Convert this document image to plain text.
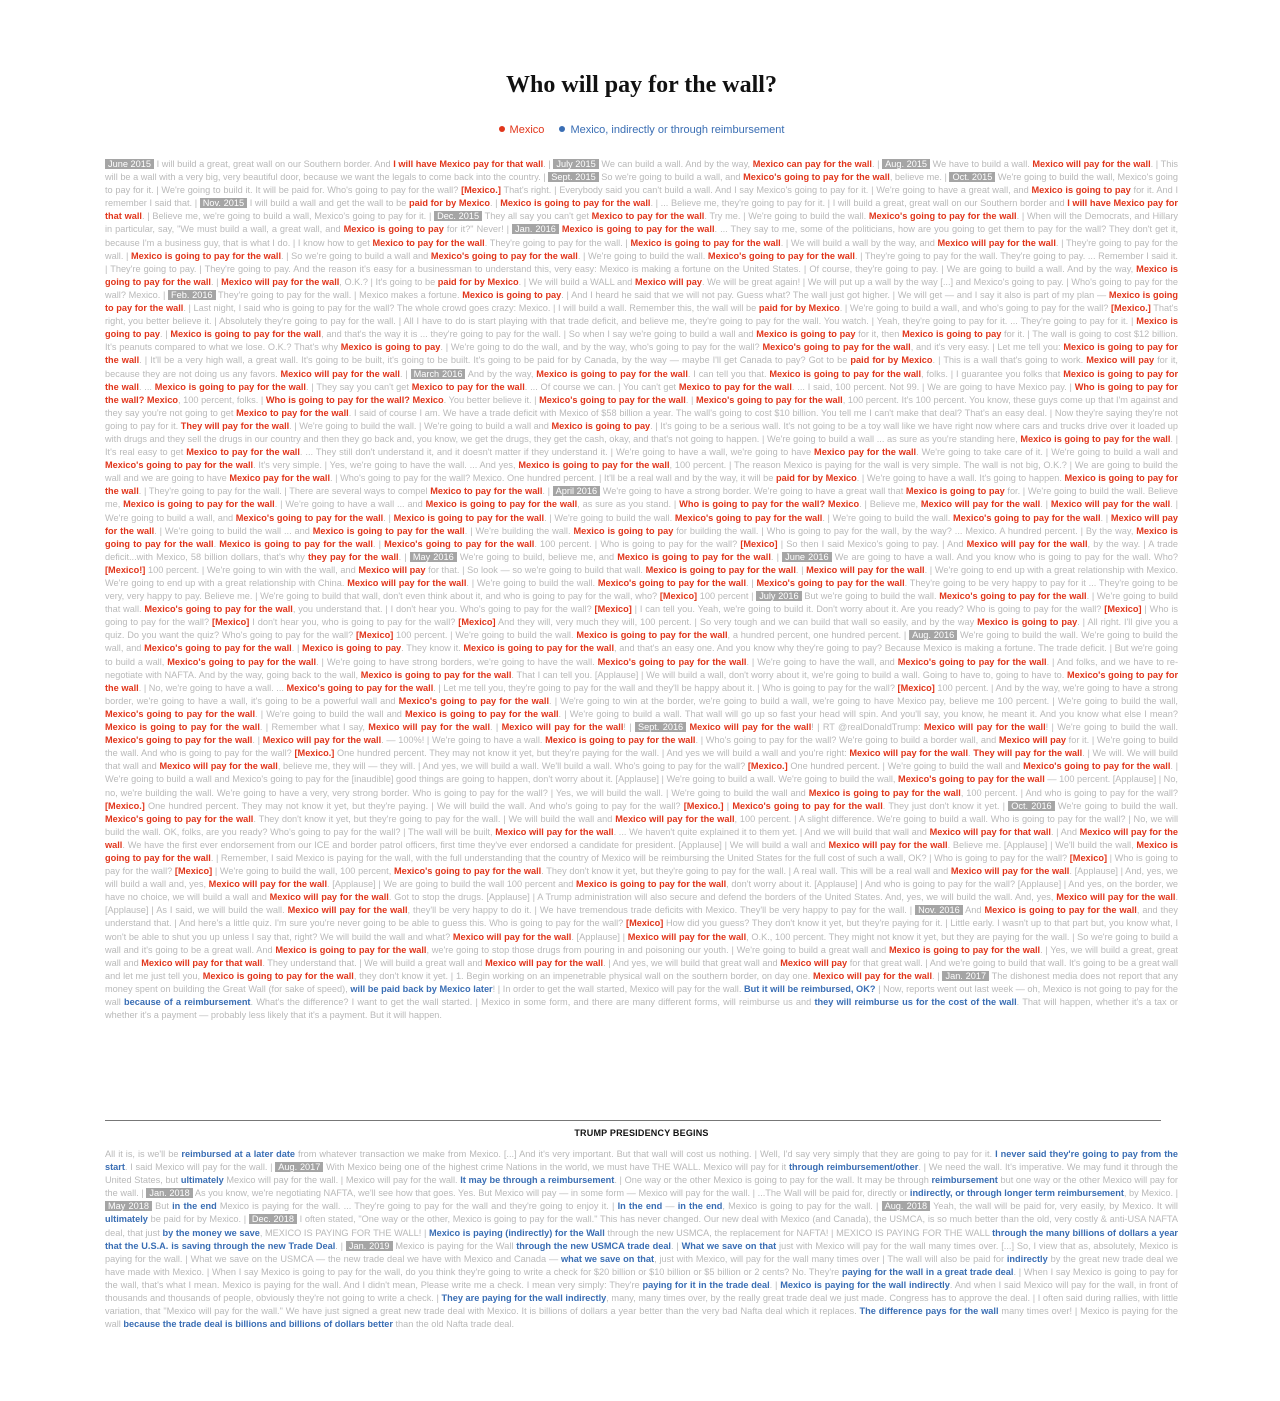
Who will pay for the wall?
Mexico Mexico, indirectly or through reimbursement
June 2015 I will build a great, great wall on our Southern border. And I will have Mexico pay for that wall. | July 2015 We can build a wall. And by the way, Mexico can pay for the wall. | Aug. 2015 We have to build a wall. Mexico will pay for the wall. | This will be a wall with a very big, very beautiful door, because we want the legals to come back into the country. | Sept. 2015 So we're going to build a wall, and Mexico's going to pay for the wall, believe me. | Oct. 2015 We're going to build the wall, Mexico's going to pay for it. | We're going to build it. It will be paid for. Who's going to pay for the wall? [Mexico.] That's right. | Everybody said you can't build a wall. And I say Mexico's going to pay for it. | We're going to have a great wall, and Mexico is going to pay for it. And I remember I said that. | Nov. 2015 I will build a wall and get the wall to be paid for by Mexico. | Mexico is going to pay for the wall. | ... Believe me, they're going to pay for it. | I will build a great, great wall on our Southern border and I will have Mexico pay for that wall. | Believe me, we're going to build a wall, Mexico's going to pay for it. | Dec. 2015 They all say you can't get Mexico to pay for the wall. Try me. | We're going to build the wall. Mexico's going to pay for the wall. | When will the Democrats, and Hillary in particular, say, "We must build a wall, a great wall, and Mexico is going to pay for it?" Never! | Jan. 2016 Mexico is going to pay for the wall. ... They say to me, some of the politicians, how are you going to get them to pay for the wall? They don't get it, because I'm a business guy, that is what I do. | I know how to get Mexico to pay for the wall. They're going to pay for the wall. | Mexico is going to pay for the wall. | We will build a wall by the way, and Mexico will pay for the wall. | They're going to pay for the wall. | Mexico is going to pay for the wall. | So we're going to build a wall and Mexico's going to pay for the wall. | We're going to build the wall. Mexico's going to pay for the wall. | They're going to pay for the wall. They're going to pay. ... Remember I said it. | They're going to pay. | They're going to pay. And the reason it's easy for a businessman to understand this, very easy: Mexico is making a fortune on the United States. | Of course, they're going to pay. | We are going to build a wall. And by the way, Mexico is going to pay for the wall. | Mexico will pay for the wall, O.K.? | It's going to be paid for by Mexico. | We will build a WALL and Mexico will pay. We will be great again! | We will put up a wall by the way [...] and Mexico's going to pay. | Who's going to pay for the wall? Mexico. | Feb. 2016 They're going to pay for the wall. | Mexico makes a fortune. Mexico is going to pay. | And I heard he said that we will not pay. Guess what? The wall just got higher. | We will get — and I say it also is part of my plan — Mexico is going to pay for the wall. | Last night, I said who is going to pay for the wall? The whole crowd goes crazy: Mexico. | I will build a wall. Remember this, the wall will be paid for by Mexico. | We're going to build a wall, and who's going to pay for the wall? [Mexico.] That's right, you better believe it. | Absolutely they're going to pay for the wall. | All I have to do is start playing with that trade deficit, and believe me, they're going to pay for the wall. You watch. | Yeah, they're going to pay for it. ... They're going to pay for it. | Mexico is going to pay. | Mexico is going to pay for the wall, and that's the way it is ... they're going to pay for the wall. | So when I say we're going to build a wall and Mexico is going to pay for it, then Mexico is going to pay for it. | The wall is going to cost $12 billion. It's peanuts compared to what we lose. O.K.? That's why Mexico is going to pay. | We're going to do the wall, and by the way, who's going to pay for the wall? Mexico's going to pay for the wall, and it's very easy. | Let me tell you: Mexico is going to pay for the wall. | It'll be a very high wall, a great wall. It's going to be built, it's going to be built. It's going to be paid for by Canada, by the way — maybe I'll get Canada to pay? Got to be paid for by Mexico. | This is a wall that's going to work. Mexico will pay for it, because they are not doing us any favors. Mexico will pay for the wall. | March 2016 And by the way, Mexico is going to pay for the wall. I can tell you that. Mexico is going to pay for the wall, folks. | I guarantee you folks that Mexico is going to pay for the wall. ... Mexico is going to pay for the wall. | They say you can't get Mexico to pay for the wall. ... Of course we can. | You can't get Mexico to pay for the wall. ... I said, 100 percent. Not 99. | We are going to have Mexico pay. | Who is going to pay for the wall? Mexico, 100 percent, folks. | Who is going to pay for the wall? Mexico. You better believe it. | Mexico's going to pay for the wall. | Mexico's going to pay for the wall, 100 percent. It's 100 percent. You know, these guys come up that I'm against and they say you're not going to get Mexico to pay for the wall. I said of course I am. We have a trade deficit with Mexico of $58 billion a year. The wall's going to cost $10 billion. You tell me I can't make that deal? That's an easy deal. | Now they're saying they're not going to pay for it. They will pay for the wall. | We're going to build the wall. | We're going to build a wall and Mexico is going to pay. | It's going to be a serious wall. It's not going to be a toy wall like we have right now where cars and trucks drive over it loaded up with drugs and they sell the drugs in our country and then they go back and, you know, we get the drugs, they get the cash, okay, and that's not going to happen. | We're going to build a wall ... as sure as you're standing here, Mexico is going to pay for the wall. | It's real easy to get Mexico to pay for the wall. ... They still don't understand it, and it doesn't matter if they understand it. | We're going to have a wall, we're going to have Mexico pay for the wall. We're going to take care of it. | We're going to build a wall and Mexico's going to pay for the wall. It's very simple. | Yes, we're going to have the wall. ... And yes, Mexico is going to pay for the wall, 100 percent. | The reason Mexico is paying for the wall is very simple. The wall is not big, O.K.? | We are going to build the wall and we are going to have Mexico pay for the wall. | Who's going to pay for the wall? Mexico. One hundred percent. | It'll be a real wall and by the way, it will be paid for by Mexico. | We're going to have a wall. It's going to happen. Mexico is going to pay for the wall. | They're going to pay for the wall. | There are several ways to compel Mexico to pay for the wall. | April 2016 We're going to have a strong border. We're going to have a great wall that Mexico is going to pay for. | We're going to build the wall. Believe me, Mexico is going to pay for the wall. | We're going to have a wall ... and Mexico is going to pay for the wall, as sure as you stand. | Who is going to pay for the wall? Mexico. | Believe me, Mexico will pay for the wall. | Mexico will pay for the wall. | We're going to build a wall, and Mexico's going to pay for the wall. | Mexico is going to pay for the wall. | We're going to build the wall. Mexico's going to pay for the wall. | We're going to build the wall. Mexico's going to pay for the wall. | Mexico will pay for the wall. | We're going to build the wall ... and Mexico is going to pay for the wall. | We're building the wall. Mexico is going to pay for building the wall. | Who is going to pay for the wall, by the way? ... Mexico. A hundred percent. | By the way, Mexico is going to pay for the wall. Mexico is going to pay for the wall. | Mexico's going to pay for the wall. 100 percent. | Who is going to pay for the wall? [Mexico] | So then I said Mexico's going to pay. | And Mexico will pay for the wall, by the way. | A trade deficit...with Mexico, 58 billion dollars, that's why they pay for the wall. | May 2016 We're going to build, believe me, and Mexico is going to pay for the wall. | June 2016 We are going to have a wall. And you know who is going to pay for the wall. Who? [Mexico!] 100 percent. | We're going to win with the wall, and Mexico will pay for that. | So look — so we're going to build that wall. Mexico is going to pay for the wall. | Mexico will pay for the wall. | We're going to end up with a great relationship with Mexico. We're going to end up with a great relationship with China. Mexico will pay for the wall. | We're going to build the wall. Mexico's going to pay for the wall. | Mexico's going to pay for the wall. They're going to be very happy to pay for it ... They're going to be very, very happy to pay. Believe me. | We're going to build that wall, don't even think about it, and who is going to pay for the wall, who? [Mexico] 100 percent | July 2016 But we're going to build the wall. Mexico's going to pay for the wall. | We're going to build that wall. Mexico's going to pay for the wall, you understand that. | I don't hear you. Who's going to pay for the wall? [Mexico] | I can tell you. Yeah, we're going to build it. Don't worry about it. Are you ready? Who is going to pay for the wall? [Mexico] | Who is going to pay for the wall? [Mexico] I don't hear you, who is going to pay for the wall? [Mexico] And they will, very much they will, 100 percent. | So very tough and we can build that wall so easily, and by the way Mexico is going to pay. | All right. I'll give you a quiz. Do you want the quiz? Who's going to pay for the wall? [Mexico] 100 percent. | We're going to build the wall. Mexico is going to pay for the wall, a hundred percent, one hundred percent. | Aug. 2016 We're going to build the wall. We're going to build the wall, and Mexico's going to pay for the wall. | Mexico is going to pay. They know it. Mexico is going to pay for the wall, and that's an easy one. And you know why they're going to pay? Because Mexico is making a fortune. The trade deficit. | But we're going to build a wall, Mexico's going to pay for the wall. | We're going to have strong borders, we're going to have the wall. Mexico's going to pay for the wall. | We're going to have the wall, and Mexico's going to pay for the wall. | And folks, and we have to re-negotiate with NAFTA. And by the way, going back to the wall, Mexico is going to pay for the wall. That I can tell you. [Applause] | We will build a wall, don't worry about it, we're going to build a wall. Going to have to, going to have to. Mexico's going to pay for the wall. | No, we're going to have a wall. ... Mexico's going to pay for the wall. | Let me tell you, they're going to pay for the wall and they'll be happy about it. | Who is going to pay for the wall? [Mexico] 100 percent. | And by the way, we're going to have a strong border, we're going to have a wall, it's going to be a powerful wall and Mexico's going to pay for the wall. | We're going to win at the border, we're going to build a wall, we're going to have Mexico pay, believe me 100 percent. | We're going to build the wall, Mexico's going to pay for the wall. | We're going to build the wall and Mexico is going to pay for the wall. | We're going to build a wall. That wall will go up so fast your head will spin. And you'll say, you know, he meant it. And you know what else I mean? Mexico is going to pay for the wall. | Remember what I say, Mexico will pay for the wall. | Mexico will pay for the wall! | Sept. 2016 Mexico will pay for the wall! | RT @realDonaldTrump: Mexico will pay for the wall! | We're going to build the wall. Mexico's going to pay for the wall. | Mexico will pay for the wall. — 100%! | We're going to have a wall. Mexico is going to pay for the wall. | Who's going to pay for the wall? We're going to build a border wall, and Mexico will pay for it. | We're going to build the wall. And who is going to pay for the wall? [Mexico.] One hundred percent. They may not know it yet, but they're paying for the wall. | And yes we will build a wall and you're right: Mexico will pay for the wall. They will pay for the wall. | We will. We will build that wall and Mexico will pay for the wall, believe me, they will — they will. | And yes, we will build a wall. We'll build a wall. Who's going to pay for the wall? [Mexico.] One hundred percent. | We're going to build the wall and Mexico's going to pay for the wall. | We're going to build a wall and Mexico's going to pay for the [inaudible] good things are going to happen, don't worry about it. [Applause] | We're going to build a wall. We're going to build the wall, Mexico's going to pay for the wall — 100 percent. [Applause] | No, no, we're building the wall. We're going to have a very, very strong border. Who is going to pay for the wall? | Yes, we will build the wall. | We're going to build the wall and Mexico is going to pay for the wall, 100 percent. | And who is going to pay for the wall? [Mexico.] One hundred percent. They may not know it yet, but they're paying. | We will build the wall. And who's going to pay for the wall? [Mexico.] | Mexico's going to pay for the wall. They just don't know it yet. | Oct. 2016 We're going to build the wall. Mexico's going to pay for the wall. They don't know it yet, but they're going to pay for the wall. | We will build the wall and Mexico will pay for the wall, 100 percent. | A slight difference. We're going to build a wall. Who is going to pay for the wall? | No, we will build the wall. OK, folks, are you ready? Who's going to pay for the wall? | The wall will be built, Mexico will pay for the wall. ... We haven't quite explained it to them yet. | And we will build that wall and Mexico will pay for that wall. | And Mexico will pay for the wall. We have the first ever endorsement from our ICE and border patrol officers, first time they've ever endorsed a candidate for president. [Applause] | We will build a wall and Mexico will pay for the wall. Believe me. [Applause] | We'll build the wall, Mexico is going to pay for the wall. | Remember, I said Mexico is paying for the wall, with the full understanding that the country of Mexico will be reimbursing the United States for the full cost of such a wall, OK? | Who is going to pay for the wall? [Mexico] | Who is going to pay for the wall? [Mexico] | We're going to build the wall, 100 percent, Mexico's going to pay for the wall. They don't know it yet, but they're going to pay for the wall. | A real wall. This will be a real wall and Mexico will pay for the wall. [Applause] | And, yes, we will build a wall and, yes, Mexico will pay for the wall. [Applause] | We are going to build the wall 100 percent and Mexico is going to pay for the wall, don't worry about it. [Applause] | And who is going to pay for the wall? [Applause] | And yes, on the border, we have no choice, we will build a wall and Mexico will pay for the wall. Got to stop the drugs. [Applause] | A Trump administration will also secure and defend the borders of the United States. And, yes, we will build the wall. And, yes, Mexico will pay for the wall. [Applause] | As I said, we will build the wall. Mexico will pay for the wall, they'll be very happy to do it. | We have tremendous trade deficits with Mexico. They'll be very happy to pay for the wall. | Nov. 2016 And Mexico is going to pay for the wall, and they understand that. | And here's a little quiz. I'm sure you're never going to be able to guess this. Who is going to pay for the wall? [Mexico] How did you guess? They don't know it yet, but they're paying for it. | Little early. I wasn't up to that part but, you know what, I won't be able to shut you up unless I say that, right? We will build the wall and what? Mexico will pay for the wall. [Applause] | Mexico will pay for the wall, O.K., 100 percent. They might not know it yet, but they are paying for the wall. | So we're going to build a wall and it's going to be a great wall. And Mexico is going to pay for the wall, we're going to stop those drugs from pouring in and poisoning our youth. | We're going to build a great wall and Mexico is going to pay for the wall. | Yes, we will build a great, great wall and Mexico will pay for that wall. They understand that. | We will build a great wall and Mexico will pay for the wall. | And yes, we will build that great wall and Mexico will pay for that great wall. | And we're going to build that wall. It's going to be a great wall and let me just tell you, Mexico is going to pay for the wall, they don't know it yet. | 1. Begin working on an impenetrable physical wall on the southern border, on day one. Mexico will pay for the wall. | Jan. 2017 The dishonest media does not report that any money spent on building the Great Wall (for sake of speed), will be paid back by Mexico later! | In order to get the wall started, Mexico will pay for the wall. But it will be reimbursed, OK? | Now, reports went out last week — oh, Mexico is not going to pay for the wall because of a reimbursement. What's the difference? I want to get the wall started. | Mexico in some form, and there are many different forms, will reimburse us and they will reimburse us for the cost of the wall. That will happen, whether it's a tax or whether it's a payment — probably less likely that it's a payment. But it will happen.
TRUMP PRESIDENCY BEGINS
All it is, is we'll be reimbursed at a later date from whatever transaction we make from Mexico. [...] And it's very important. But that wall will cost us nothing. | Well, I'd say very simply that they are going to pay for it. I never said they're going to pay from the start. I said Mexico will pay for the wall. | Aug. 2017 With Mexico being one of the highest crime Nations in the world, we must have THE WALL. Mexico will pay for it through reimbursement/other. | We need the wall. It's imperative. We may fund it through the United States, but ultimately Mexico will pay for the wall. | Mexico will pay for the wall. It may be through a reimbursement. | One way or the other Mexico is going to pay for the wall. It may be through reimbursement but one way or the other Mexico will pay for the wall. | Jan. 2018 As you know, we're negotiating NAFTA, we'll see how that goes. Yes. But Mexico will pay — in some form — Mexico will pay for the wall. | ...The Wall will be paid for, directly or indirectly, or through longer term reimbursement, by Mexico. | May 2018 But in the end Mexico is paying for the wall. ... They're going to pay for the wall and they're going to enjoy it. | In the end — in the end, Mexico is going to pay for the wall. | Aug. 2018 Yeah, the wall will be paid for, very easily, by Mexico. It will ultimately be paid for by Mexico. | Dec. 2018 I often stated, "One way or the other, Mexico is going to pay for the wall." This has never changed. Our new deal with Mexico (and Canada), the USMCA, is so much better than the old, very costly & anti-USA NAFTA deal, that just by the money we save, MEXICO IS PAYING FOR THE WALL! | Mexico is paying (indirectly) for the Wall through the new USMCA, the replacement for NAFTA! | MEXICO IS PAYING FOR THE WALL through the many billions of dollars a year that the U.S.A. is saving through the new Trade Deal. | Jan. 2019 Mexico is paying for the Wall through the new USMCA trade deal. | What we save on that just with Mexico will pay for the wall many times over. [...] So, I view that as, absolutely, Mexico is paying for the wall. | What we save on the USMCA — the new trade deal we have with Mexico and Canada — what we save on that, just with Mexico, will pay for the wall many times over | The wall will also be paid for indirectly by the great new trade deal we have made with Mexico. | When I say Mexico is going to pay for the wall, do you think they're going to write a check for $20 billion or $10 billion or $5 billion or 2 cents? No. They're paying for the wall in a great trade deal. | When I say Mexico is going to pay for the wall, that's what I mean. Mexico is paying for the wall. And I didn't mean, Please write me a check. I mean very simply: They're paying for it in the trade deal. | Mexico is paying for the wall indirectly. And when I said Mexico will pay for the wall, in front of thousands and thousands of people, obviously they're not going to write a check. | They are paying for the wall indirectly, many, many times over, by the really great trade deal we just made. Congress has to approve the deal. | I often said during rallies, with little variation, that "Mexico will pay for the wall." We have just signed a great new trade deal with Mexico. It is billions of dollars a year better than the very bad Nafta deal which it replaces. The difference pays for the wall many times over! | Mexico is paying for the wall because the trade deal is billions and billions of dollars better than the old Nafta trade deal.
